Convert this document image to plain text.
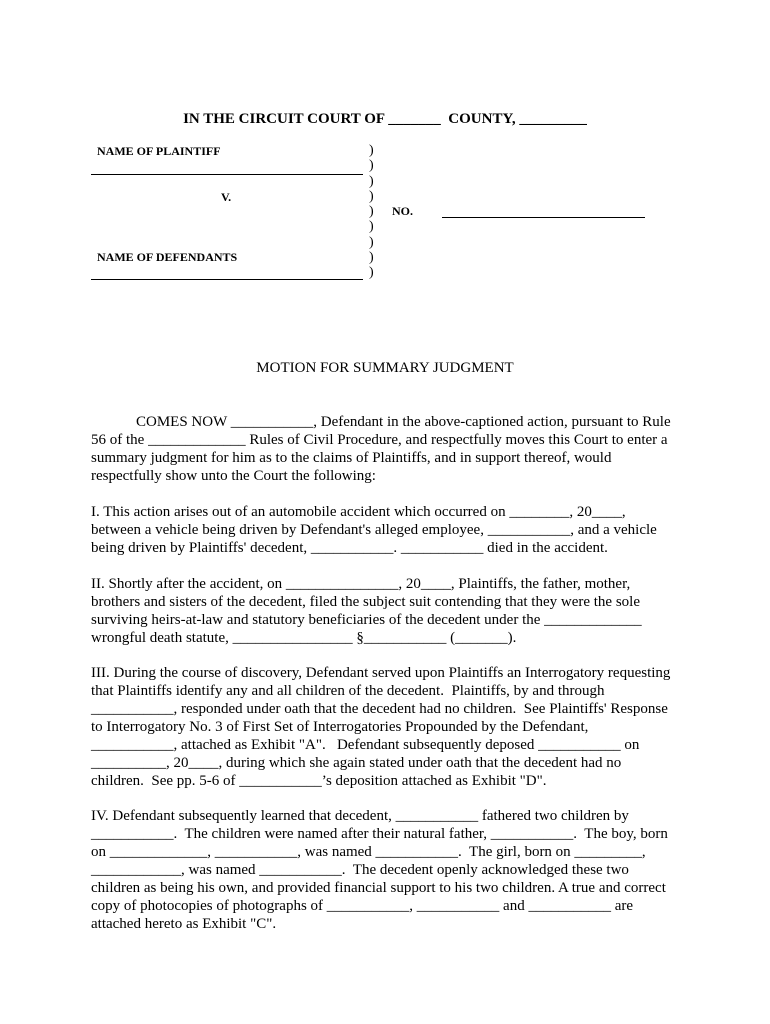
IN THE CIRCUIT COURT OF _______  COUNTY, _________
NAME OF PLAINTIFF
V.
NAME OF DEFENDANTS
)
)
)
)
)
)
)
)
)
NO.
MOTION FOR SUMMARY JUDGMENT
COMES NOW ___________, Defendant in the above-captioned action, pursuant to Rule
56 of the _____________ Rules of Civil Procedure, and respectfully moves this Court to enter a
summary judgment for him as to the claims of Plaintiffs, and in support thereof, would
respectfully show unto the Court the following:
I. This action arises out of an automobile accident which occurred on ________, 20____,
between a vehicle being driven by Defendant's alleged employee, ___________, and a vehicle
being driven by Plaintiffs' decedent, ___________. ___________ died in the accident.
II. Shortly after the accident, on _______________, 20____, Plaintiffs, the father, mother,
brothers and sisters of the decedent, filed the subject suit contending that they were the sole
surviving heirs-at-law and statutory beneficiaries of the decedent under the _____________
wrongful death statute, ________________ §___________ (_______).
III. During the course of discovery, Defendant served upon Plaintiffs an Interrogatory requesting
that Plaintiffs identify any and all children of the decedent.  Plaintiffs, by and through
___________, responded under oath that the decedent had no children.  See Plaintiffs' Response
to Interrogatory No. 3 of First Set of Interrogatories Propounded by the Defendant,
___________, attached as Exhibit "A".   Defendant subsequently deposed ___________ on
__________, 20____, during which she again stated under oath that the decedent had no
children.  See pp. 5-6 of ___________’s deposition attached as Exhibit "D".
IV. Defendant subsequently learned that decedent, ___________ fathered two children by
___________.  The children were named after their natural father, ___________.  The boy, born
on _____________, ___________, was named ___________.  The girl, born on _________,
____________, was named ___________.  The decedent openly acknowledged these two
children as being his own, and provided financial support to his two children. A true and correct
copy of photocopies of photographs of ___________, ___________ and ___________ are
attached hereto as Exhibit "C".
